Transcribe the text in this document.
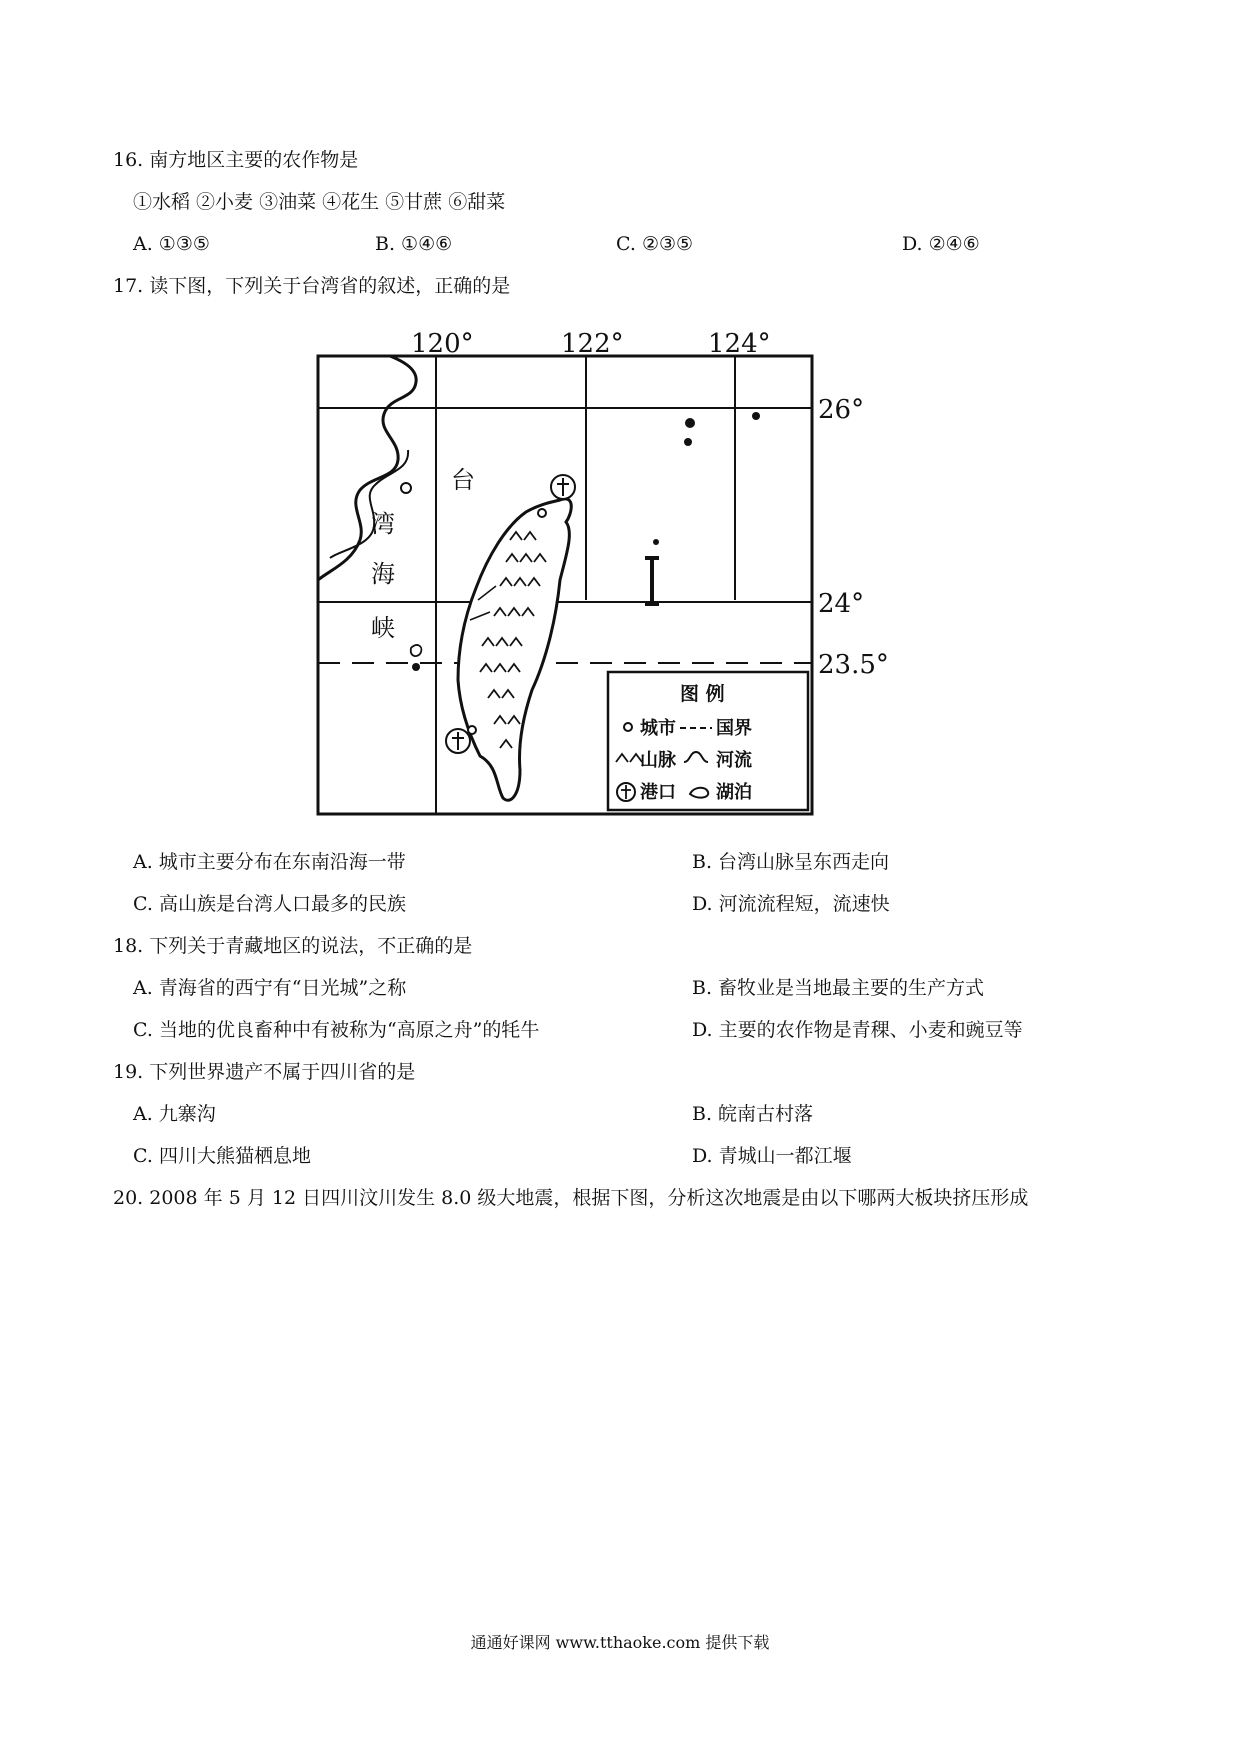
16. 南方地区主要的农作物是
①水稻 ②小麦 ③油菜 ④花生 ⑤甘蔗 ⑥甜菜
A. ①③⑤	B. ①④⑥	C. ②③⑤	D. ②④⑥
17. 读下图，下列关于台湾省的叙述，正确的是
120°	122°	124°
26°
24°
23.5°
台
湾
海
峡
图 例
城市 国界
山脉 河流
港口 湖泊
A. 城市主要分布在东南沿海一带	B. 台湾山脉呈东西走向
C. 高山族是台湾人口最多的民族	D. 河流流程短，流速快
18. 下列关于青藏地区的说法，不正确的是
A. 青海省的西宁有“日光城”之称	B. 畜牧业是当地最主要的生产方式
C. 当地的优良畜种中有被称为“高原之舟”的牦牛	D. 主要的农作物是青稞、小麦和豌豆等
19. 下列世界遗产不属于四川省的是
A. 九寨沟	B. 皖南古村落
C. 四川大熊猫栖息地	D. 青城山一都江堰
20. 2008 年 5 月 12 日四川汶川发生 8.0 级大地震，根据下图，分析这次地震是由以下哪两大板块挤压形成
通通好课网 www.tthaoke.com 提供下载
